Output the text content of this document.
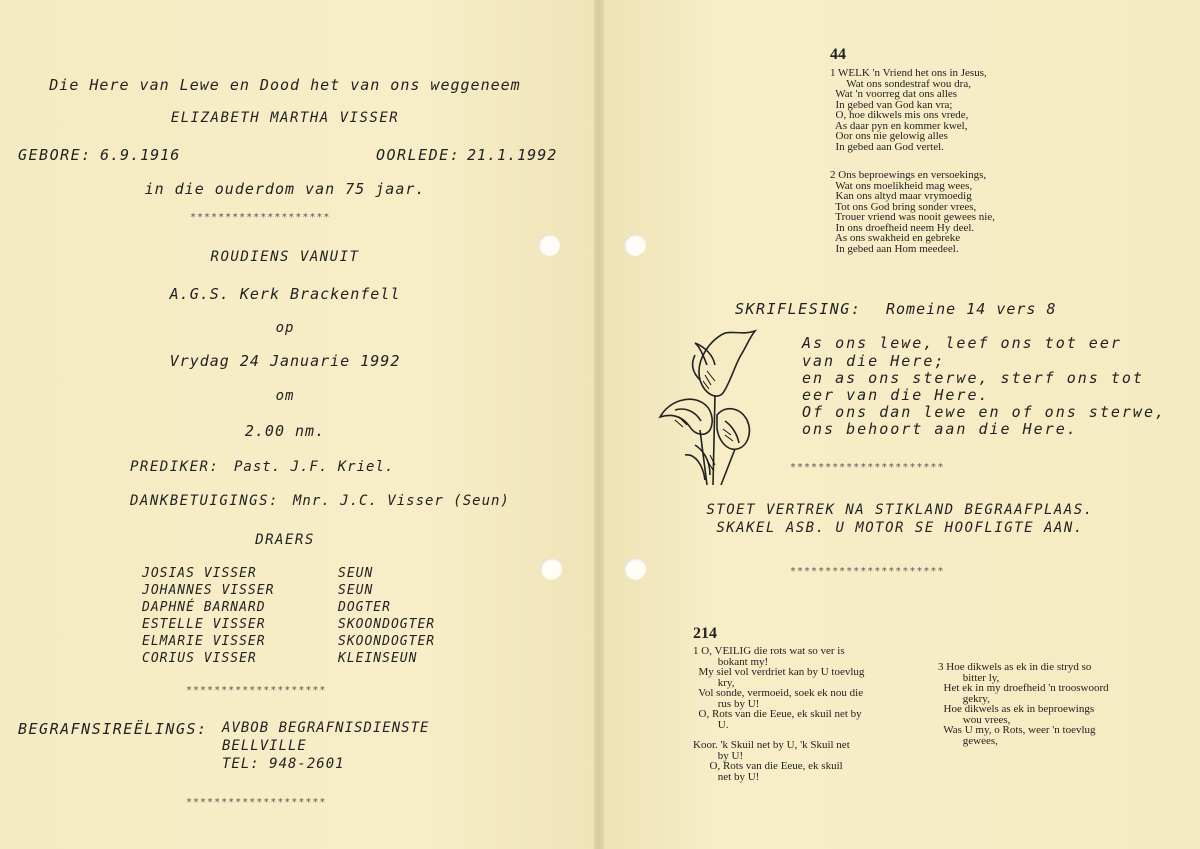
Die Here van Lewe en Dood het van ons weggeneem
ELIZABETH MARTHA VISSER
GEBORE: 6.9.1916	OORLEDE: 21.1.1992
in die ouderdom van 75 jaar.
********************
ROUDIENS VANUIT
A.G.S. Kerk Brackenfell
op
Vrydag 24 Januarie 1992
om
2.00 nm.
PREDIKER: Past. J.F. Kriel.
DANKBETUIGINGS: Mnr. J.C. Visser (Seun)
DRAERS
JOSIAS VISSER	SEUN
JOHANNES VISSER	SEUN
DAPHNÉ BARNARD	DOGTER
ESTELLE VISSER	SKOONDOGTER
ELMARIE VISSER	SKOONDOGTER
CORIUS VISSER	KLEINSEUN
********************
BEGRAFNSIREËLINGS: AVBOB BEGRAFNISDIENSTE
BELLVILLE
TEL: 948-2601
********************
44
1 WELK 'n Vriend het ons in Jesus,
Wat ons sondestraf wou dra,
Wat 'n voorreg dat ons alles
In gebed van God kan vra;
O, hoe dikwels mis ons vrede,
As daar pyn en kommer kwel,
Oor ons nie gelowig alles
In gebed aan God vertel.
2 Ons beproewings en versoekings,
Wat ons moelikheid mag wees,
Kan ons altyd maar vrymoedig
Tot ons God bring sonder vrees,
Trouer vriend was nooit gewees nie,
In ons droefheid neem Hy deel.
As ons swakheid en gebreke
In gebed aan Hom meedeel.
SKRIFLESING: Romeine 14 vers 8
As ons lewe, leef ons tot eer
van die Here;
en as ons sterwe, sterf ons tot
eer van die Here.
Of ons dan lewe en of ons sterwe,
ons behoort aan die Here.
**********************
STOET VERTREK NA STIKLAND BEGRAAFPLAAS.
SKAKEL ASB. U MOTOR SE HOOFLIGTE AAN.
**********************
214
1 O, VEILIG die rots wat so ver is
bokant my!
My siel vol verdriet kan by U toevlug
kry,
Vol sonde, vermoeid, soek ek nou die
rus by U!
O, Rots van die Eeue, ek skuil net by
U.
Koor. 'k Skuil net by U, 'k Skuil net
by U!
O, Rots van die Eeue, ek skuil
net by U!
3 Hoe dikwels as ek in die stryd so
bitter ly,
Het ek in my droefheid 'n trooswoord
gekry,
Hoe dikwels as ek in beproewings
wou vrees,
Was U my, o Rots, weer 'n toevlug
gewees,
